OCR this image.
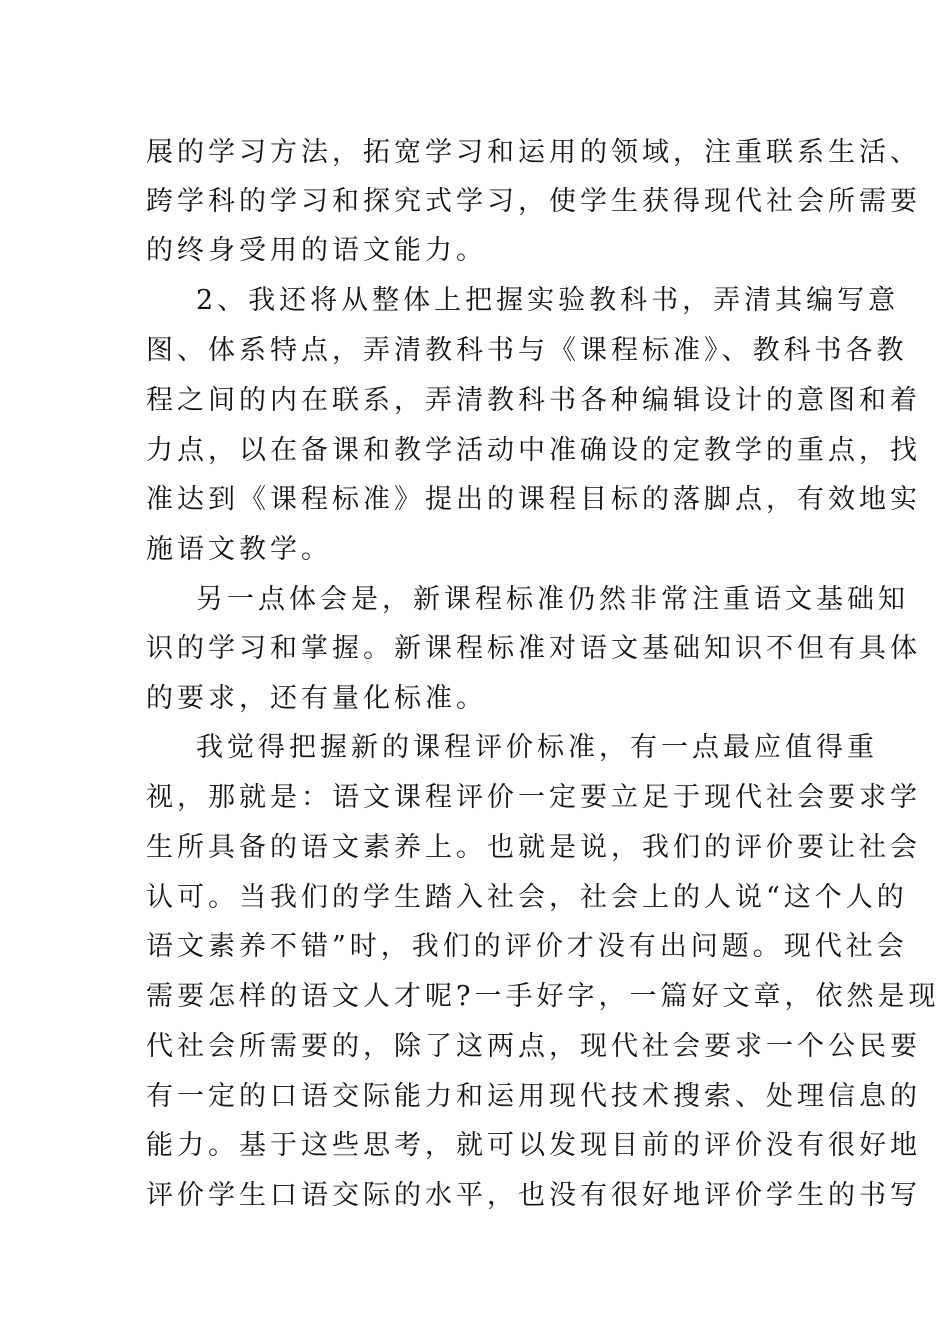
展的学习方法，拓宽学习和运用的领域，注重联系生活、
跨学科的学习和探究式学习，使学生获得现代社会所需要
的终身受用的语文能力。
2、我还将从整体上把握实验教科书，弄清其编写意
图、体系特点，弄清教科书与《课程标准》、教科书各教
程之间的内在联系，弄清教科书各种编辑设计的意图和着
力点，以在备课和教学活动中准确设的定教学的重点，找
准达到《课程标准》提出的课程目标的落脚点，有效地实
施语文教学。
另一点体会是，新课程标准仍然非常注重语文基础知
识的学习和掌握。新课程标准对语文基础知识不但有具体
的要求，还有量化标准。
我觉得把握新的课程评价标准，有一点最应值得重
视，那就是：语文课程评价一定要立足于现代社会要求学
生所具备的语文素养上。也就是说，我们的评价要让社会
认可。当我们的学生踏入社会，社会上的人说“这个人的
语文素养不错”时，我们的评价才没有出问题。现代社会
需要怎样的语文人才呢?一手好字，一篇好文章，依然是现
代社会所需要的，除了这两点，现代社会要求一个公民要
有一定的口语交际能力和运用现代技术搜索、处理信息的
能力。基于这些思考，就可以发现目前的评价没有很好地
评价学生口语交际的水平，也没有很好地评价学生的书写
